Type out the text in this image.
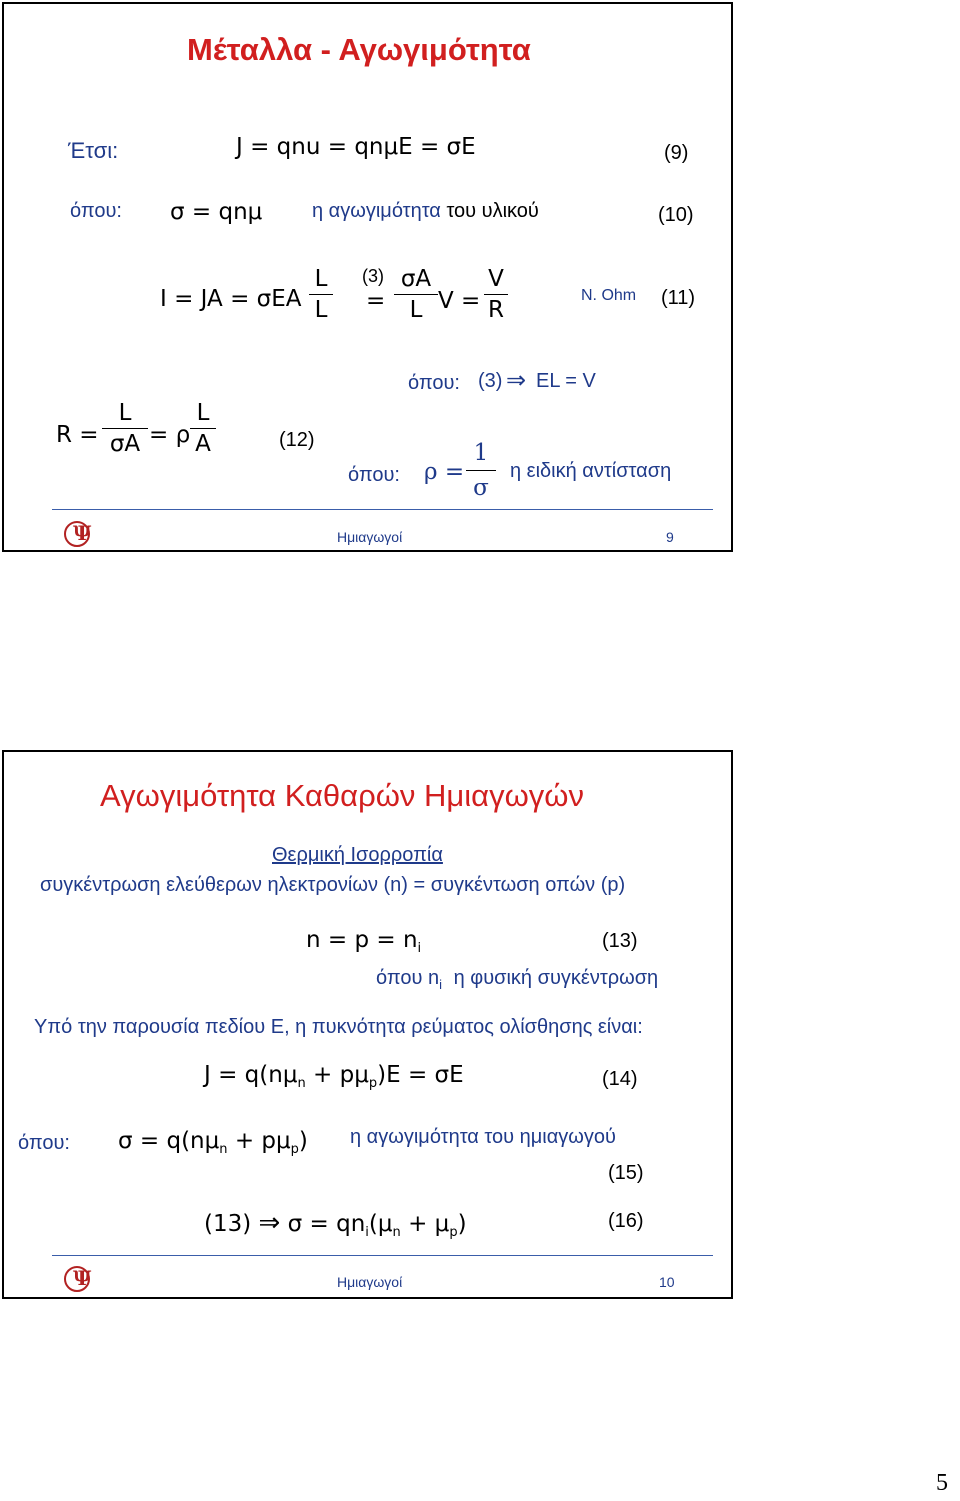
Μέταλλα - Αγωγιμότητα
Έτσι:	J = qnu = qnμE = σE	(9)
όπου: σ = qnμ η αγωγιμότητα του υλικού	(10)
I = JA = σEA
L
L
(3)
=
σA
L V =
V
R
N. Ohm (11)
όπου: (3) ⇒ EL = V
R =
L
σA = ρ
L
A	(12)
όπου: ρ =
1
σ
η ειδική αντίσταση
Ψ	Ημιαγωγοί	9
Αγωγιμότητα Καθαρών Ημιαγωγών
Θερμική Ισορροπία
συγκέντρωση ελεύθερων ηλεκτρονίων (n) = συγκέντωση οπών (p)
$n = p = n_i$	(13)
όπου $n_i$ η φυσική συγκέντρωση
Υπό την παρουσία πεδίου Ε, η πυκνότητα ρεύματος ολίσθησης είναι:
$J = q(n\mu_n + p\mu_p)E = \sigma E$	(14)
όπου: $\sigma = q(n\mu_n + p\mu_p)$ η αγωγιμότητα του ημιαγωγού
(15)
(13) ⇒ $\sigma = qn_i(\mu_n + \mu_p)$	(16)
Ψ	Ημιαγωγοί	10
5
